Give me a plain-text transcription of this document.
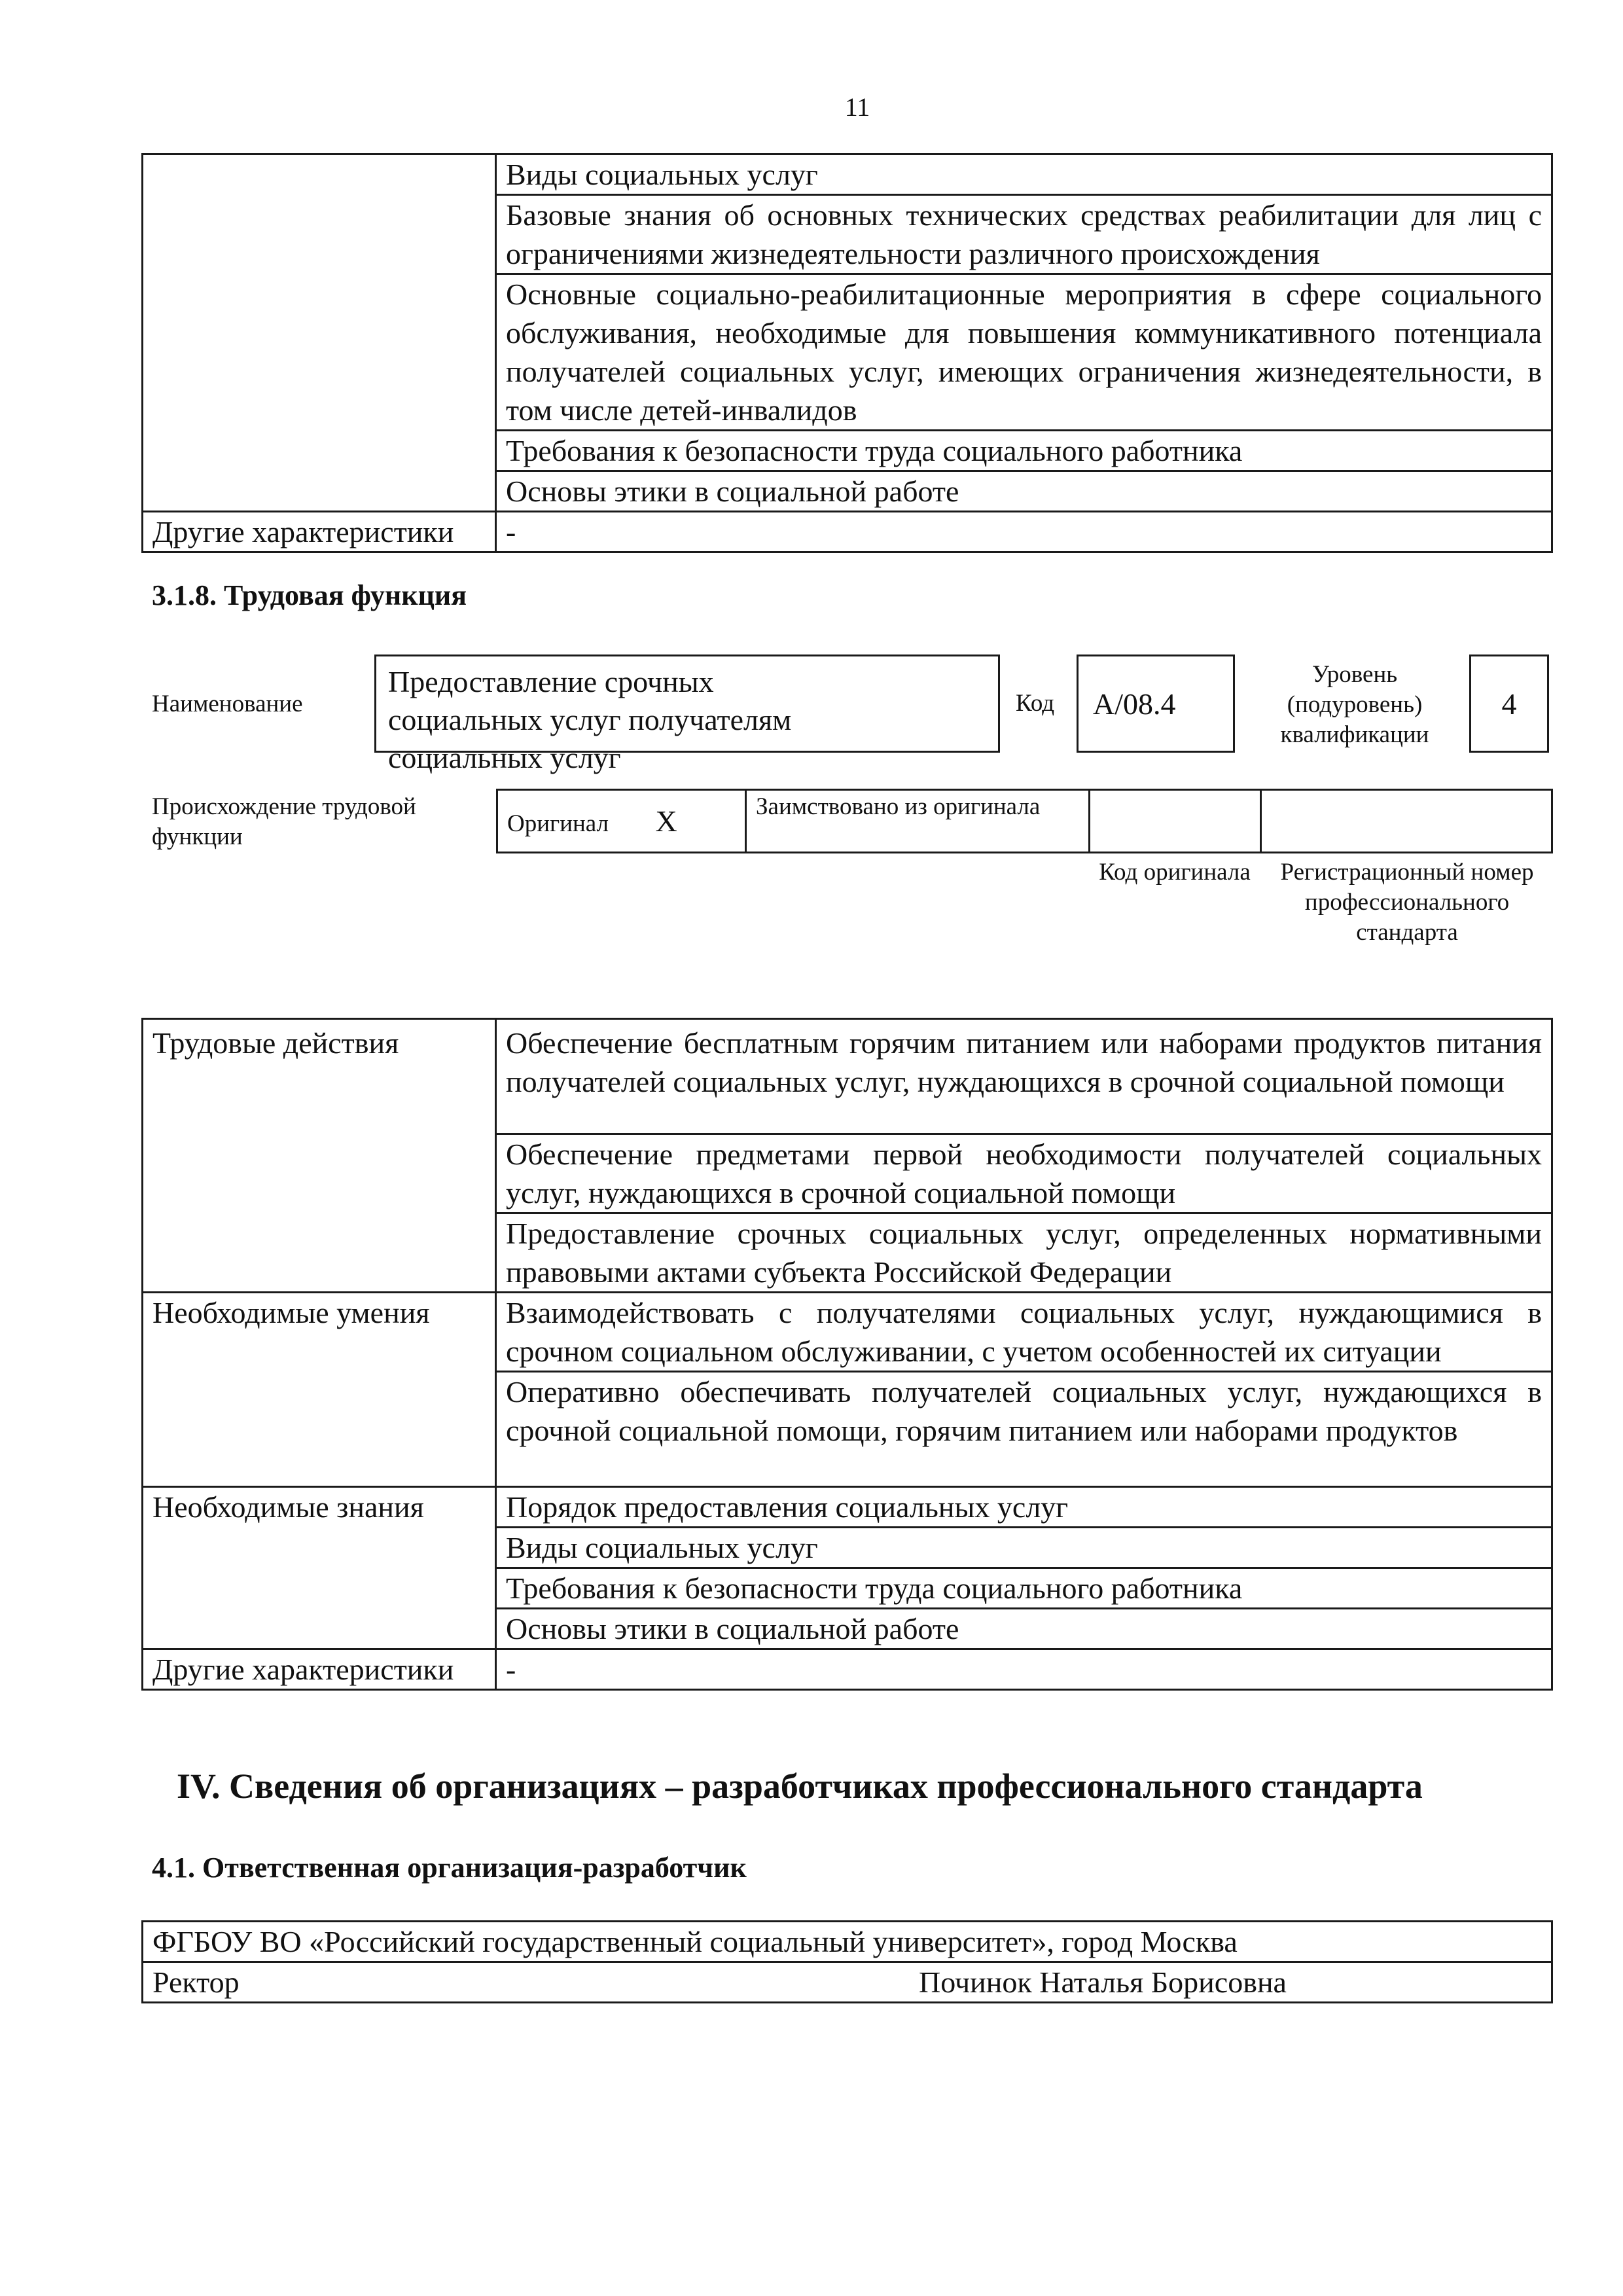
11
	Виды социальных услуг
	Базовые знания об основных технических средствах реабилитации для лиц с ограничениями жизнедеятельности различного происхождения
	Основные социально-реабилитационные мероприятия в сфере социального обслуживания, необходимые для повышения коммуникативного потенциала получателей социальных услуг, имеющих ограничения жизнедеятельности, в том числе детей-инвалидов
	Требования к безопасности труда социального работника
	Основы этики в социальной работе
Другие характеристики	-
3.1.8. Трудовая функция
Наименование
Предоставление срочных социальных услуг получателям социальных услуг
Код А/08.4
Уровень (подуровень) квалификации
4
Происхождение трудовой функции	Оригинал X	Заимствовано из оригинала		
Код оригинала	Регистрационный номер профессионального стандарта
Трудовые действия	Обеспечение бесплатным горячим питанием или наборами продуктов питания получателей социальных услуг, нуждающихся в срочной социальной помощи
	Обеспечение предметами первой необходимости получателей социальных услуг, нуждающихся в срочной социальной помощи
	Предоставление срочных социальных услуг, определенных нормативными правовыми актами субъекта Российской Федерации
Необходимые умения	Взаимодействовать с получателями социальных услуг, нуждающимися в срочном социальном обслуживании, с учетом особенностей их ситуации
	Оперативно обеспечивать получателей социальных услуг, нуждающихся в срочной социальной помощи, горячим питанием или наборами продуктов
Необходимые знания	Порядок предоставления социальных услуг
	Виды социальных услуг
	Требования к безопасности труда социального работника
	Основы этики в социальной работе
Другие характеристики	-
IV. Сведения об организациях – разработчиках профессионального стандарта
4.1. Ответственная организация-разработчик
ФГБОУ ВО «Российский государственный социальный университет», город Москва
Ректор	Починок Наталья Борисовна
